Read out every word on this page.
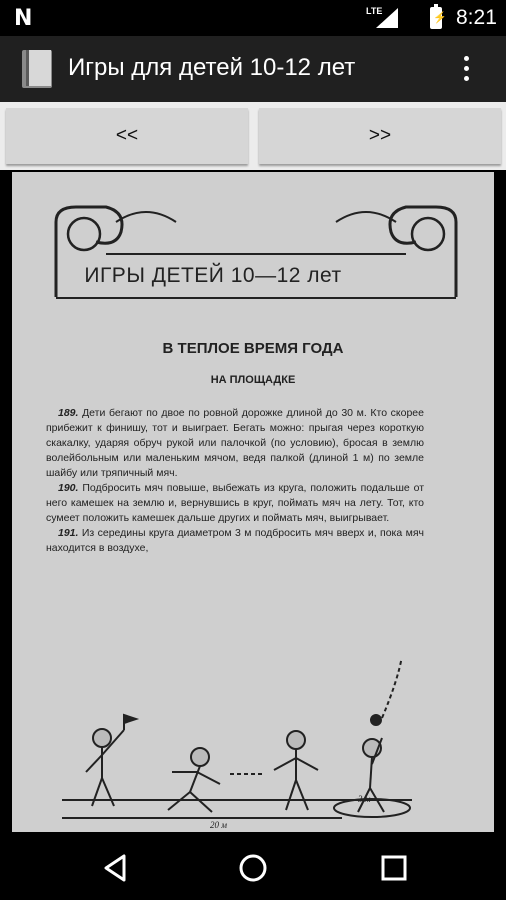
N	LTE
⚡ 8:21
Игры для детей 10-12 лет
<<	>>
ИГРЫ ДЕТЕЙ 10—12 лет
В ТЕПЛОЕ ВРЕМЯ ГОДА
НА ПЛОЩАДКЕ

189. Дети бегают по двое по ровной дорожке длиной до 30 м. Кто скорее прибежит к финишу, тот и выиграет. Бегать можно: прыгая через короткую скакалку, ударяя обруч рукой или палочкой (по условию), бросая в землю волейбольным или маленьким мячом, ведя палкой (длиной 1 м) по земле шайбу или тряпичный мяч.

190. Подбросить мяч повыше, выбежать из круга, положить подальше от него камешек на землю и, вернувшись в круг, поймать мяч на лету. Тот, кто сумеет положить камешек дальше других и поймать мяч, выигрывает.

191. Из середины круга диаметром 3 м подбросить мяч вверх и, пока мяч находится в воздухе,

20 м
3 м
